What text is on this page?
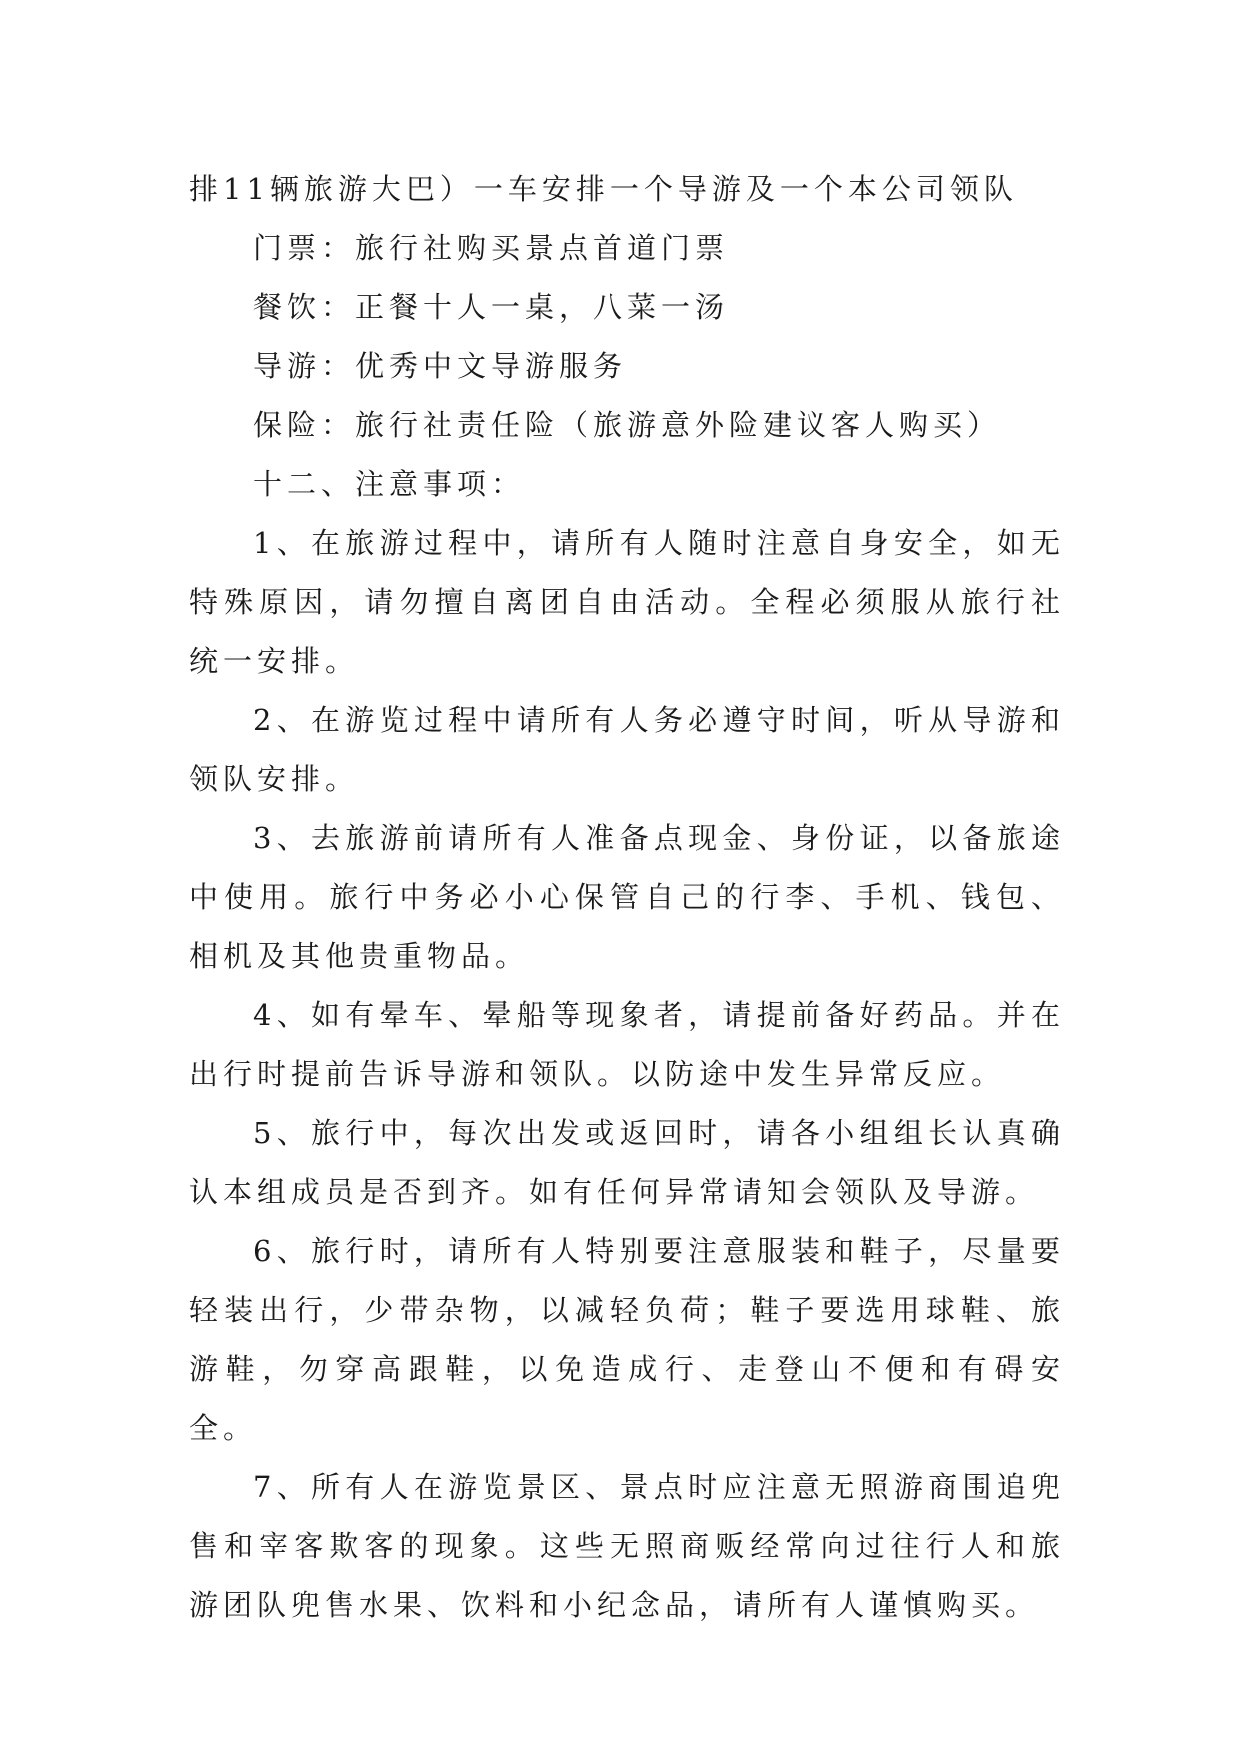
排11辆旅游大巴）一车安排一个导游及一个本公司领队

门票：旅行社购买景点首道门票

餐饮：正餐十人一桌，八菜一汤

导游：优秀中文导游服务

保险：旅行社责任险（旅游意外险建议客人购买）

十二、注意事项：

1、在旅游过程中，请所有人随时注意自身安全，如无特殊原因，请勿擅自离团自由活动。全程必须服从旅行社统一安排。

2、在游览过程中请所有人务必遵守时间，听从导游和领队安排。

3、去旅游前请所有人准备点现金、身份证，以备旅途中使用。旅行中务必小心保管自己的行李、手机、钱包、相机及其他贵重物品。

4、如有晕车、晕船等现象者，请提前备好药品。并在出行时提前告诉导游和领队。以防途中发生异常反应。

5、旅行中，每次出发或返回时，请各小组组长认真确认本组成员是否到齐。如有任何异常请知会领队及导游。

6、旅行时，请所有人特别要注意服装和鞋子，尽量要轻装出行，少带杂物，以减轻负荷；鞋子要选用球鞋、旅游鞋，勿穿高跟鞋，以免造成行、走登山不便和有碍安全。

7、所有人在游览景区、景点时应注意无照游商围追兜售和宰客欺客的现象。这些无照商贩经常向过往行人和旅游团队兜售水果、饮料和小纪念品，请所有人谨慎购买。
